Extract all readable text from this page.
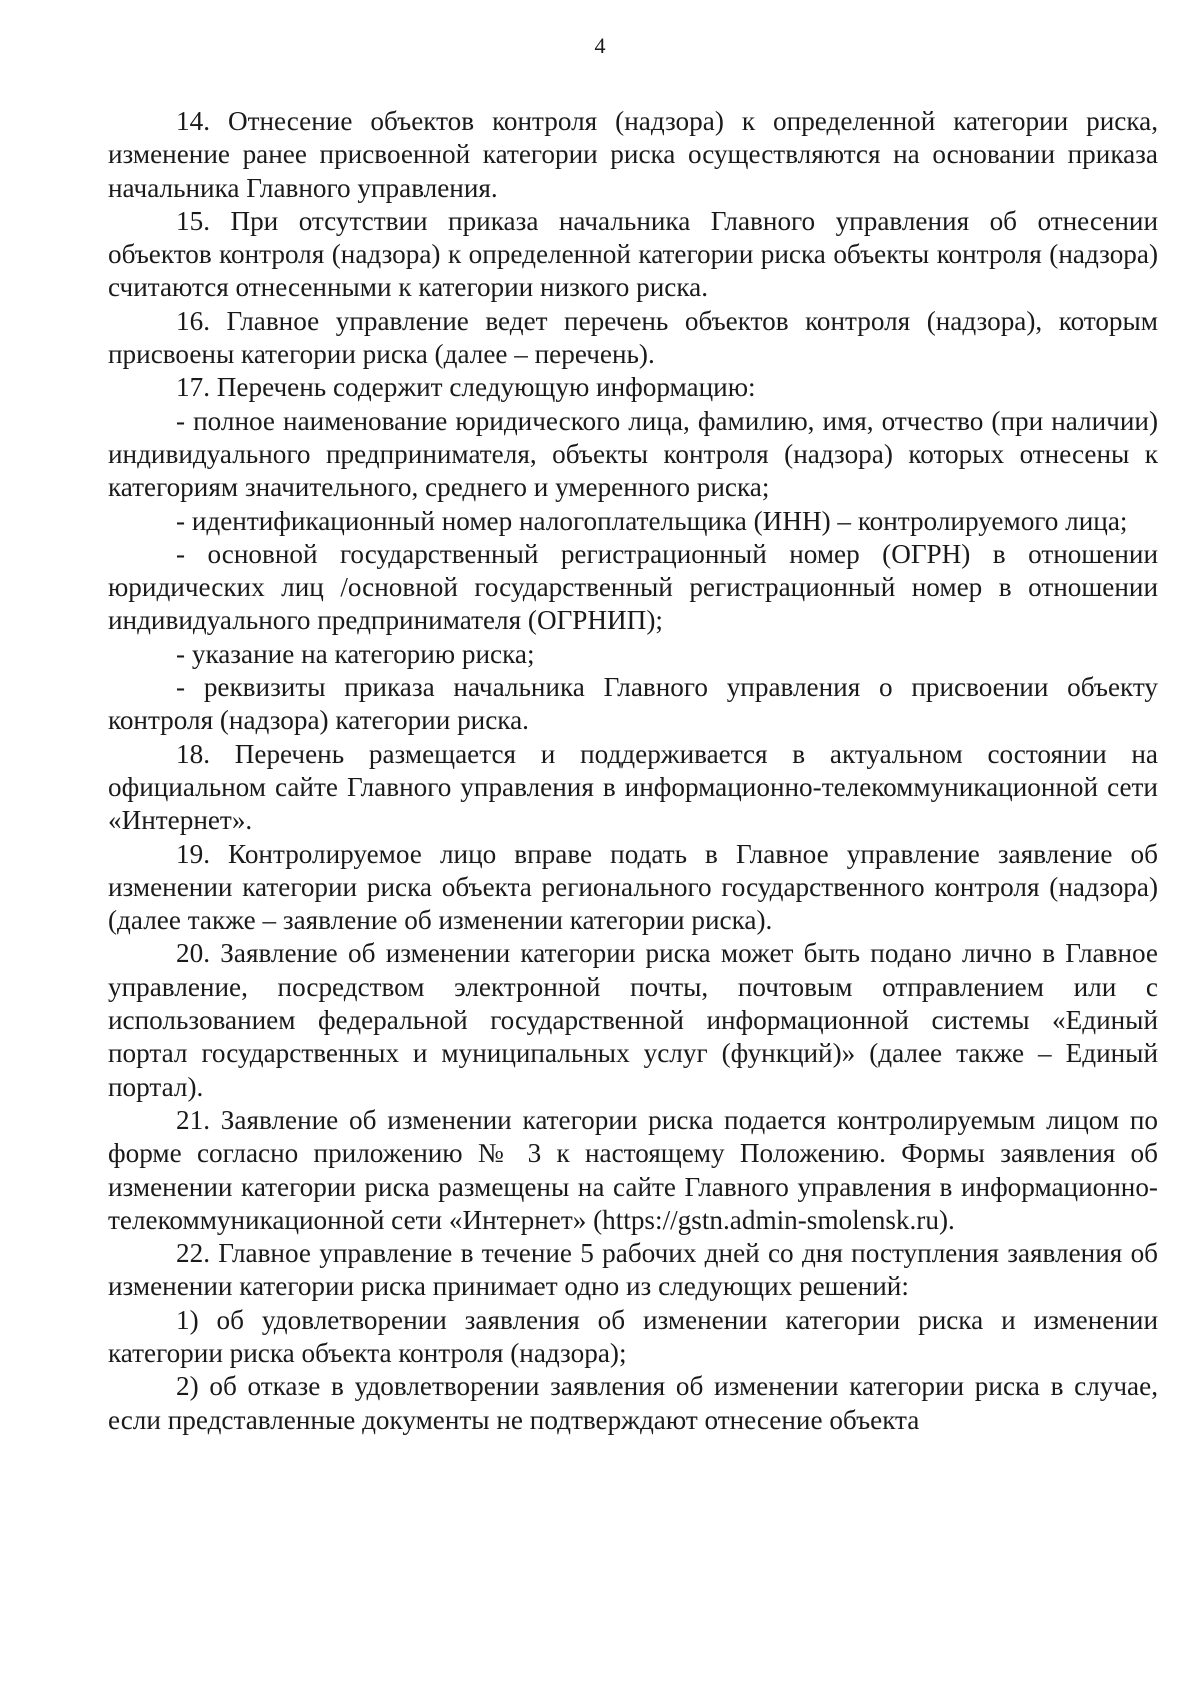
4

14. Отнесение объектов контроля (надзора) к определенной категории риска, изменение ранее присвоенной категории риска осуществляются на основании приказа начальника Главного управления.

15. При отсутствии приказа начальника Главного управления об отнесении объектов контроля (надзора) к определенной категории риска объекты контроля (надзора) считаются отнесенными к категории низкого риска.

16. Главное управление ведет перечень объектов контроля (надзора), которым присвоены категории риска (далее – перечень).

17. Перечень содержит следующую информацию:

- полное наименование юридического лица, фамилию, имя, отчество (при наличии) индивидуального предпринимателя, объекты контроля (надзора) которых отнесены к категориям значительного, среднего и умеренного риска;

- идентификационный номер налогоплательщика (ИНН) – контролируемого лица;

- основной государственный регистрационный номер (ОГРН) в отношении юридических лиц /основной государственный регистрационный номер в отношении индивидуального предпринимателя (ОГРНИП);

- указание на категорию риска;

- реквизиты приказа начальника Главного управления о присвоении объекту контроля (надзора) категории риска.

18. Перечень размещается и поддерживается в актуальном состоянии на официальном сайте Главного управления в информационно-телекоммуникационной сети «Интернет».

19. Контролируемое лицо вправе подать в Главное управление заявление об изменении категории риска объекта регионального государственного контроля (надзора) (далее также – заявление об изменении категории риска).

20. Заявление об изменении категории риска может быть подано лично в Главное управление, посредством электронной почты, почтовым отправлением или с использованием федеральной государственной информационной системы «Единый портал государственных и муниципальных услуг (функций)» (далее также – Единый портал).

21. Заявление об изменении категории риска подается контролируемым лицом по форме согласно приложению № 3 к настоящему Положению. Формы заявления об изменении категории риска размещены на сайте Главного управления в информационно-телекоммуникационной сети «Интернет» (https://gstn.admin-smolensk.ru).

22. Главное управление в течение 5 рабочих дней со дня поступления заявления об изменении категории риска принимает одно из следующих решений:

1) об удовлетворении заявления об изменении категории риска и изменении категории риска объекта контроля (надзора);

2) об отказе в удовлетворении заявления об изменении категории риска в случае, если представленные документы не подтверждают отнесение объекта
